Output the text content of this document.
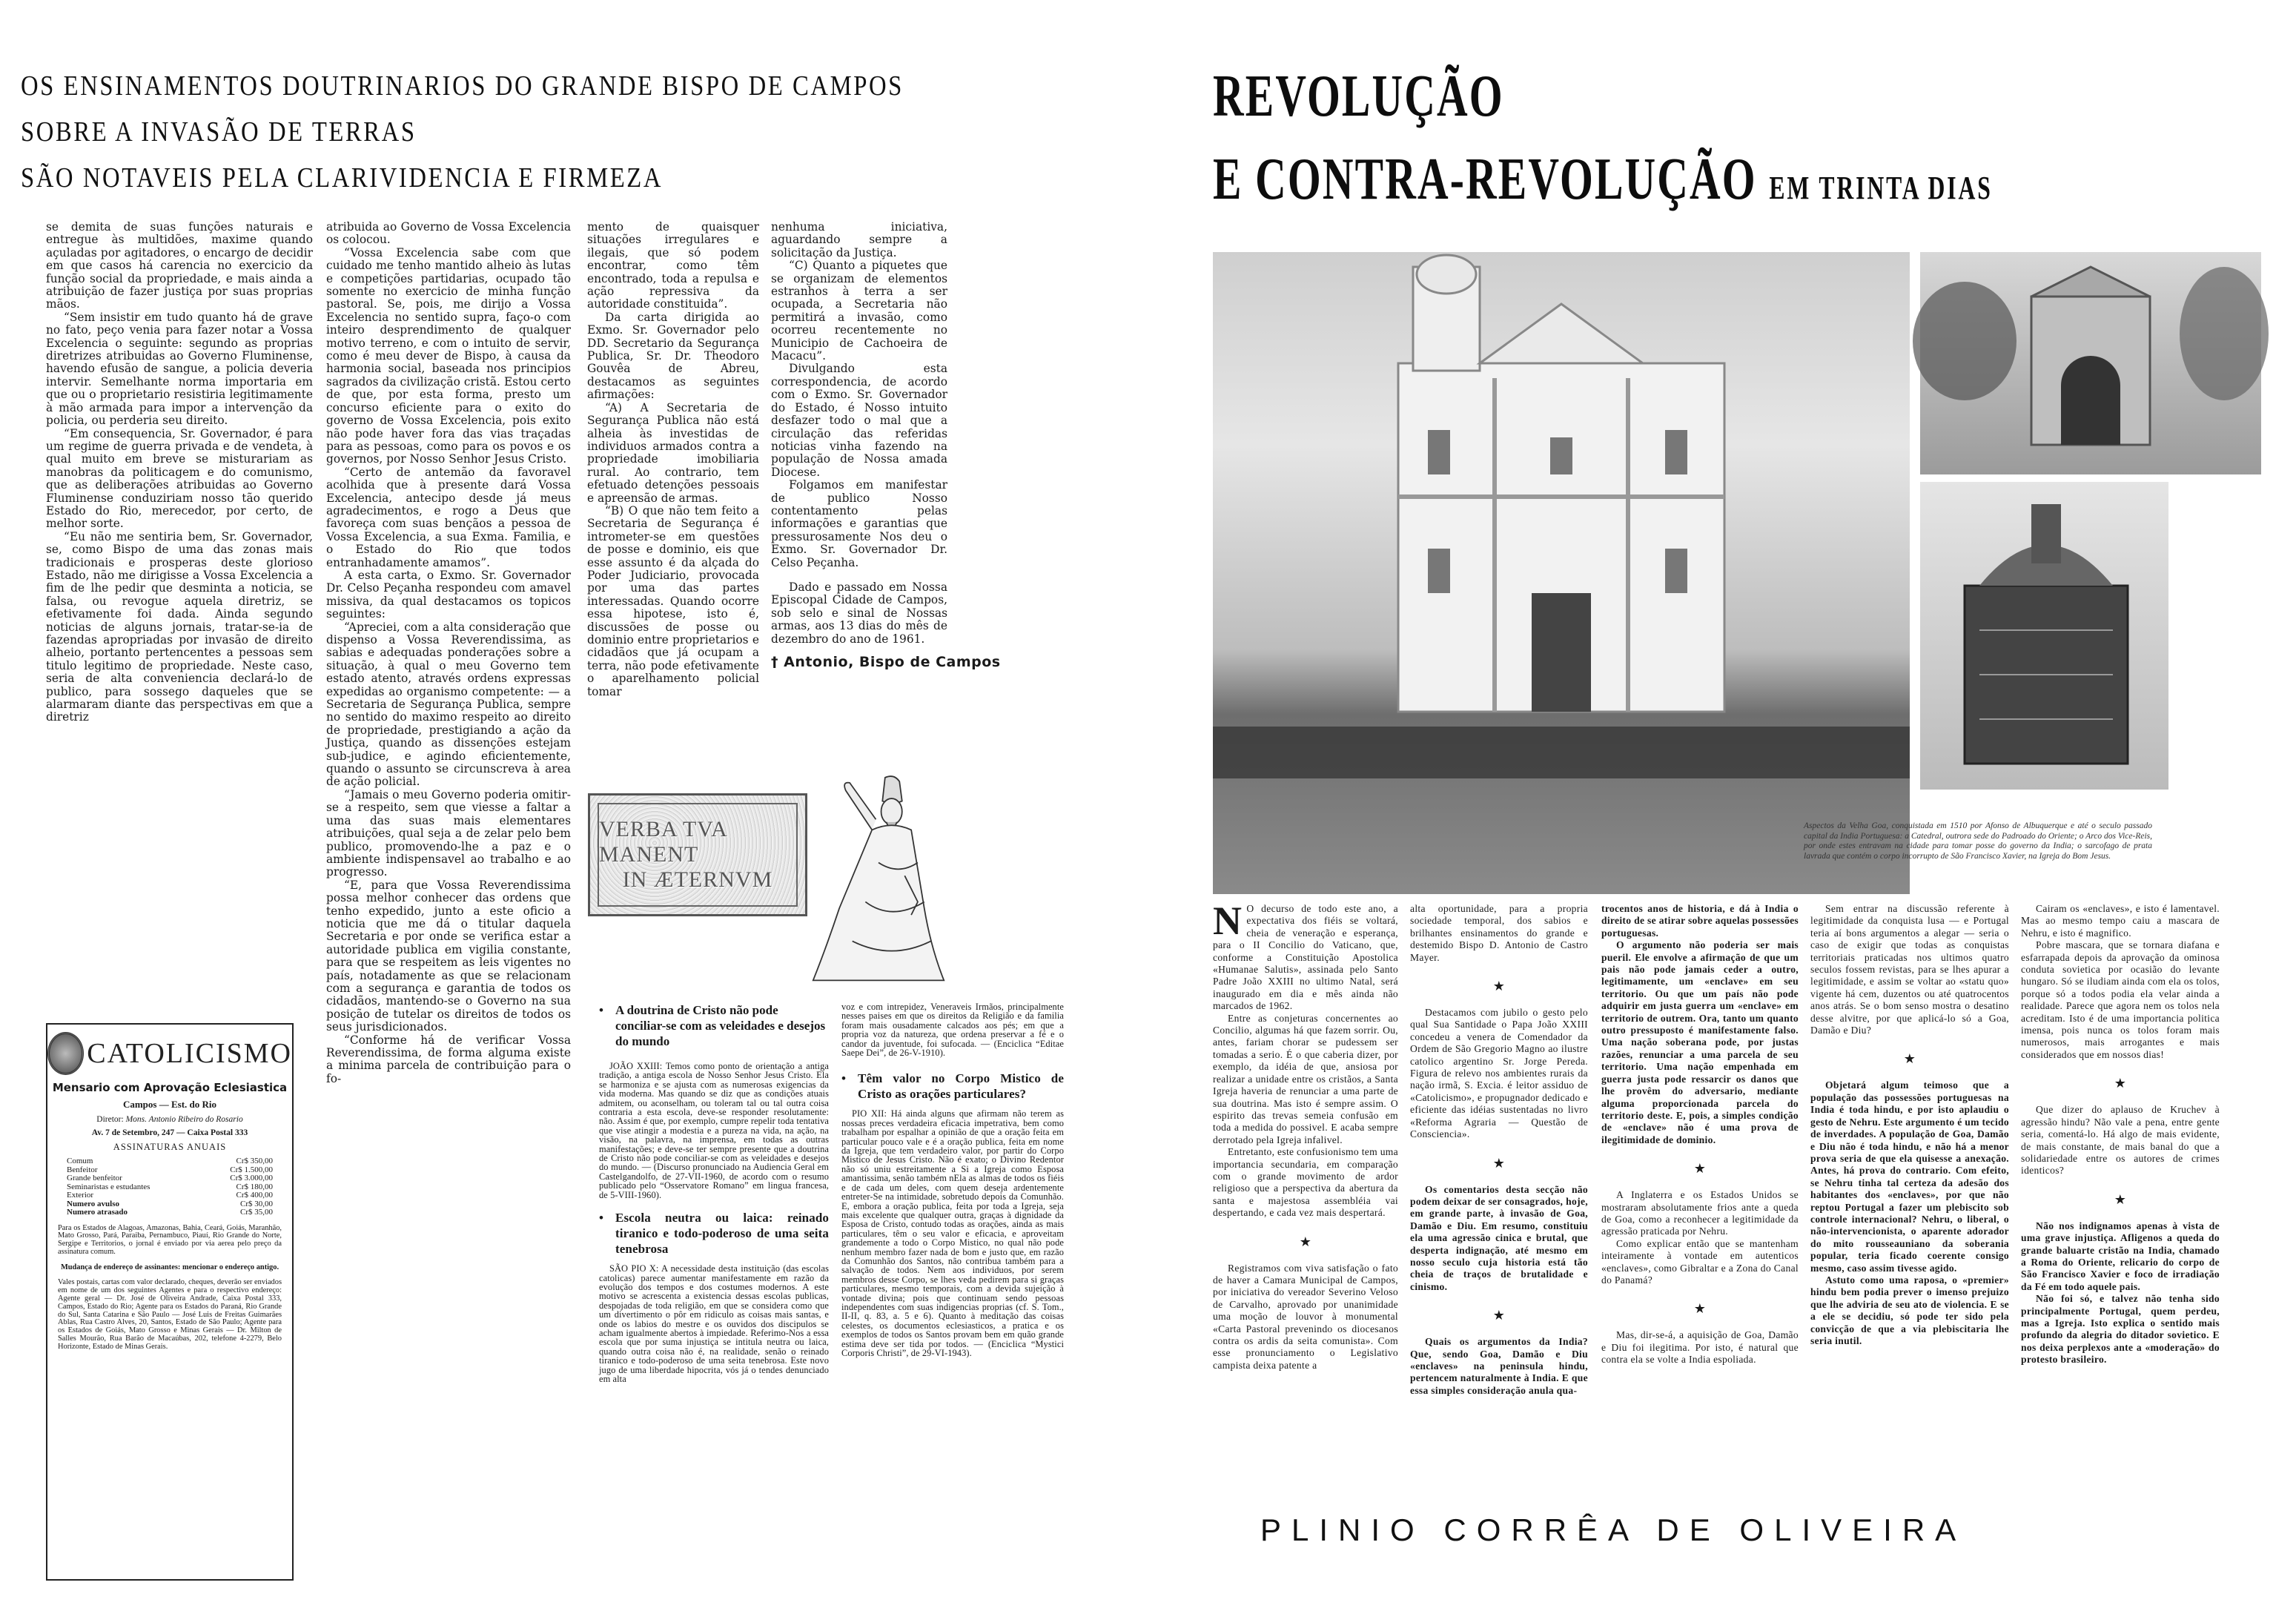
OS ENSINAMENTOS DOUTRINARIOS DO GRANDE BISPO DE CAMPOS
SOBRE A INVASÃO DE TERRAS
SÃO NOTAVEIS PELA CLARIVIDENCIA E FIRMEZA

se demita de suas funções naturais e entregue às multidões, maxime quando açuladas por agitadores, o encargo de decidir em que casos há carencia no exercicio da função social da propriedade, e mais ainda a atribuição de fazer justiça por suas proprias mãos.

“Sem insistir em tudo quanto há de grave no fato, peço venia para fazer notar a Vossa Excelencia o seguinte: segundo as proprias diretrizes atribuidas ao Governo Fluminense, havendo efusão de sangue, a policia deveria intervir. Semelhante norma importaria em que ou o proprietario resistiria legitimamente à mão armada para impor a intervenção da policia, ou perderia seu direito.

“Em consequencia, Sr. Governador, é para um regime de guerra privada e de vendeta, à qual muito em breve se misturariam as manobras da politicagem e do comunismo, que as deliberações atribuidas ao Governo Fluminense conduziriam nosso tão querido Estado do Rio, merecedor, por certo, de melhor sorte.

“Eu não me sentiria bem, Sr. Governador, se, como Bispo de uma das zonas mais tradicionais e prosperas deste glorioso Estado, não me dirigisse a Vossa Excelencia a fim de lhe pedir que desminta a noticia, se falsa, ou revogue aquela diretriz, se efetivamente foi dada. Ainda segundo noticias de alguns jornais, tratar-se-ia de fazendas apropriadas por invasão de direito alheio, portanto pertencentes a pessoas sem titulo legitimo de propriedade. Neste caso, seria de alta conveniencia declará-lo de publico, para sossego daqueles que se alarmaram diante das perspectivas em que a diretriz

CATOLICISMO
Mensario com Aprovação Eclesiastica
Campos — Est. do Rio
Diretor: Mons. Antonio Ribeiro do Rosario
Av. 7 de Setembro, 247 — Caixa Postal 333
ASSINATURAS ANUAIS
Comum	Cr$ 350,00
Benfeitor	Cr$ 1.500,00
Grande benfeitor	Cr$ 3.000,00
Seminaristas e estudantes	Cr$ 180,00
Exterior	Cr$ 400,00
Numero avulso	Cr$ 30,00
Numero atrasado	Cr$ 35,00
Para os Estados de Alagoas, Amazonas, Bahia, Ceará, Goiás, Maranhão, Mato Grosso, Pará, Paraiba, Pernambuco, Piauí, Rio Grande do Norte, Sergipe e Territorios, o jornal é enviado por via aerea pelo preço da assinatura comum.
Mudança de endereço de assinantes: mencionar o endereço antigo.
Vales postais, cartas com valor declarado, cheques, deverão ser enviados em nome de um dos seguintes Agentes e para o respectivo endereço: Agente geral — Dr. José de Oliveira Andrade, Caixa Postal 333, Campos, Estado do Rio; Agente para os Estados do Paraná, Rio Grande do Sul, Santa Catarina e São Paulo — José Luis de Freitas Guimarães Ablas, Rua Castro Alves, 20, Santos, Estado de São Paulo; Agente para os Estados de Goiás, Mato Grosso e Minas Gerais — Dr. Milton de Salles Mourão, Rua Barão de Macaúbas, 202, telefone 4-2279, Belo Horizonte, Estado de Minas Gerais.

atribuida ao Governo de Vossa Excelencia os colocou.

“Vossa Excelencia sabe com que cuidado me tenho mantido alheio às lutas e competições partidarias, ocupado tão somente no exercicio de minha função pastoral. Se, pois, me dirijo a Vossa Excelencia no sentido supra, faço-o com inteiro desprendimento de qualquer motivo terreno, e com o intuito de servir, como é meu dever de Bispo, à causa da harmonia social, baseada nos principios sagrados da civilização cristã. Estou certo de que, por esta forma, presto um concurso eficiente para o exito do governo de Vossa Excelencia, pois exito não pode haver fora das vias traçadas para as pessoas, como para os povos e os governos, por Nosso Senhor Jesus Cristo.

“Certo de antemão da favoravel acolhida que à presente dará Vossa Excelencia, antecipo desde já meus agradecimentos, e rogo a Deus que favoreça com suas bençãos a pessoa de Vossa Excelencia, a sua Exma. Familia, e o Estado do Rio que todos entranhadamente amamos”.

A esta carta, o Exmo. Sr. Governador Dr. Celso Peçanha respondeu com amavel missiva, da qual destacamos os topicos seguintes:

“Apreciei, com a alta consideração que dispenso a Vossa Reverendissima, as sabias e adequadas ponderações sobre a situação, à qual o meu Governo tem estado atento, através ordens expressas expedidas ao organismo competente: — a Secretaria de Segurança Publica, sempre no sentido do maximo respeito ao direito de propriedade, prestigiando a ação da Justiça, quando as dissenções estejam sub-judice, e agindo eficientemente, quando o assunto se circunscreva à area de ação policial.

“Jamais o meu Governo poderia omitir-se a respeito, sem que viesse a faltar a uma das suas mais elementares atribuições, qual seja a de zelar pelo bem publico, promovendo-lhe a paz e o ambiente indispensavel ao trabalho e ao progresso.

“E, para que Vossa Reverendissima possa melhor conhecer das ordens que tenho expedido, junto a este oficio a noticia que me dá o titular daquela Secretaria e por onde se verifica estar a autoridade publica em vigilia constante, para que se respeitem as leis vigentes no país, notadamente as que se relacionam com a segurança e garantia de todos os cidadãos, mantendo-se o Governo na sua posição de tutelar os direitos de todos os seus jurisdicionados.

“Conforme há de verificar Vossa Reverendissima, de forma alguma existe a minima parcela de contribuição para o fo-

mento de quaisquer situações irregulares e ilegais, que só podem encontrar, como têm encontrado, toda a repulsa e ação repressiva da autoridade constituida”.

Da carta dirigida ao Exmo. Sr. Governador pelo DD. Secretario da Segurança Publica, Sr. Dr. Theodoro Gouvêa de Abreu, destacamos as seguintes afirmações:

“A) A Secretaria de Segurança Publica não está alheia às investidas de individuos armados contra a propriedade imobiliaria rural. Ao contrario, tem efetuado detenções pessoais e apreensão de armas.

“B) O que não tem feito a Secretaria de Segurança é intrometer-se em questões de posse e dominio, eis que esse assunto é da alçada do Poder Judiciario, provocada por uma das partes interessadas. Quando ocorre essa hipotese, isto é, discussões de posse ou dominio entre proprietarios e cidadãos que já ocupam a terra, não pode efetivamente o aparelhamento policial tomar

nenhuma iniciativa, aguardando sempre a solicitação da Justiça.

“C) Quanto a piquetes que se organizam de elementos estranhos à terra a ser ocupada, a Secretaria não permitirá a invasão, como ocorreu recentemente no Municipio de Cachoeira de Macacu”.

Divulgando esta correspondencia, de acordo com o Exmo. Sr. Governador do Estado, é Nosso intuito desfazer todo o mal que a circulação das referidas noticias vinha fazendo na população de Nossa amada Diocese.

Folgamos em manifestar de publico Nosso contentamento pelas informações e garantias que pressurosamente Nos deu o Exmo. Sr. Governador Dr. Celso Peçanha.

Dado e passado em Nossa Episcopal Cidade de Campos, sob selo e sinal de Nossas armas, aos 13 dias do mês de dezembro do ano de 1961.

† Antonio, Bispo de Campos
VERBA TVA MANENT
IN ÆTERNVM
• A doutrina de Cristo não pode conciliar-se com as veleidades e desejos do mundo

JOÃO XXIII: Temos como ponto de orientação a antiga tradição, a antiga escola de Nosso Senhor Jesus Cristo. Ela se harmoniza e se ajusta com as numerosas exigencias da vida moderna. Mas quando se diz que as condições atuais admitem, ou aconselham, ou toleram tal ou tal outra coisa contraria a esta escola, deve-se responder resolutamente: não. Assim é que, por exemplo, cumpre repelir toda tentativa que vise atingir a modestia e a pureza na vida, na ação, na visão, na palavra, na imprensa, em todas as outras manifestações; e deve-se ter sempre presente que a doutrina de Cristo não pode conciliar-se com as veleidades e desejos do mundo. — (Discurso pronunciado na Audiencia Geral em Castelgandolfo, de 27-VII-1960, de acordo com o resumo publicado pelo “Osservatore Romano” em lingua francesa, de 5-VIII-1960).

• Escola neutra ou laica: reinado tiranico e todo-poderoso de uma seita tenebrosa

SÃO PIO X: A necessidade desta instituição (das escolas catolicas) parece aumentar manifestamente em razão da evolução dos tempos e dos costumes modernos. A este motivo se acrescenta a existencia dessas escolas publicas, despojadas de toda religião, em que se considera como que um divertimento o pôr em ridiculo as coisas mais santas, e onde os labios do mestre e os ouvidos dos discipulos se acham igualmente abertos à impiedade. Referimo-Nos a essa escola que por suma injustiça se intitula neutra ou laica, quando outra coisa não é, na realidade, senão o reinado tiranico e todo-poderoso de uma seita tenebrosa. Este novo jugo de uma liberdade hipocrita, vós já o tendes denunciado em alta

voz e com intrepidez, Veneraveis Irmãos, principalmente nesses paises em que os direitos da Religião e da familia foram mais ousadamente calcados aos pés; em que a propria voz da natureza, que ordena preservar a fé e o candor da juventude, foi sufocada. — (Enciclica “Editae Saepe Dei”, de 26-V-1910).

• Têm valor no Corpo Mistico de Cristo as orações particulares?

PIO XII: Há ainda alguns que afirmam não terem as nossas preces verdadeira eficacia impetrativa, bem como trabalham por espalhar a opinião de que a oração feita em particular pouco vale e é a oração publica, feita em nome da Igreja, que tem verdadeiro valor, por partir do Corpo Mistico de Jesus Cristo. Não é exato; o Divino Redentor não só uniu estreitamente a Si a Igreja como Esposa amantissima, senão também nEla as almas de todos os fiéis e de cada um deles, com quem deseja ardentemente entreter-Se na intimidade, sobretudo depois da Comunhão. E, embora a oração publica, feita por toda a Igreja, seja mais excelente que qualquer outra, graças à dignidade da Esposa de Cristo, contudo todas as orações, ainda as mais particulares, têm o seu valor e eficacia, e aproveitam grandemente a todo o Corpo Mistico, no qual não pode nenhum membro fazer nada de bom e justo que, em razão da Comunhão dos Santos, não contribua também para a salvação de todos. Nem aos individuos, por serem membros desse Corpo, se lhes veda pedirem para si graças particulares, mesmo temporais, com a devida sujeição à vontade divina; pois que continuam sendo pessoas independentes com suas indigencias proprias (cf. S. Tom., II-II, q. 83, a. 5 e 6). Quanto à meditação das coisas celestes, os documentos eclesiasticos, a pratica e os exemplos de todos os Santos provam bem em quão grande estima deve ser tida por todos. — (Enciclica “Mystici Corporis Christi”, de 29-VI-1943).

REVOLUÇÃO
E CONTRA-REVOLUÇÃO EM TRINTA DIAS
Aspectos da Velha Goa, conquistada em 1510 por Afonso de Albuquerque e até o seculo passado capital da India Portuguesa: a Catedral, outrora sede do Padroado do Oriente; o Arco dos Vice-Reis, por onde estes entravam na cidade para tomar posse do governo da India; o sarcofago de prata lavrada que contém o corpo incorrupto de São Francisco Xavier, na Igreja do Bom Jesus.

N O decurso de todo este ano, a expectativa dos fiéis se voltará, cheia de veneração e esperança, para o II Concilio do Vaticano, que, conforme a Constituição Apostolica «Humanae Salutis», assinada pelo Santo Padre João XXIII no ultimo Natal, será inaugurado em dia e mês ainda não marcados de 1962.

Entre as conjeturas concernentes ao Concilio, algumas há que fazem sorrir. Ou, antes, fariam chorar se pudessem ser tomadas a serio. É o que caberia dizer, por exemplo, da idéia de que, ansiosa por realizar a unidade entre os cristãos, a Santa Igreja haveria de renunciar a uma parte de sua doutrina. Mas isto é sempre assim. O espirito das trevas semeia confusão em toda a medida do possivel. E acaba sempre derrotado pela Igreja infalivel.

Entretanto, este confusionismo tem uma importancia secundaria, em comparação com o grande movimento de ardor religioso que a perspectiva da abertura da santa e majestosa assembléia vai despertando, e cada vez mais despertará.

★

Registramos com viva satisfação o fato de haver a Camara Municipal de Campos, por iniciativa do vereador Severino Veloso de Carvalho, aprovado por unanimidade uma moção de louvor à monumental «Carta Pastoral prevenindo os diocesanos contra os ardis da seita comunista». Com esse pronunciamento o Legislativo campista deixa patente a

alta oportunidade, para a propria sociedade temporal, dos sabios e brilhantes ensinamentos do grande e destemido Bispo D. Antonio de Castro Mayer.

★

Destacamos com jubilo o gesto pelo qual Sua Santidade o Papa João XXIII concedeu a venera de Comendador da Ordem de São Gregorio Magno ao ilustre catolico argentino Sr. Jorge Pereda. Figura de relevo nos ambientes rurais da nação irmã, S. Excia. é leitor assiduo de «Catolicismo», e propugnador dedicado e eficiente das idéias sustentadas no livro «Reforma Agraria — Questão de Consciencia».

★

Os comentarios desta secção não podem deixar de ser consagrados, hoje, em grande parte, à invasão de Goa, Damão e Diu. Em resumo, constituiu ela uma agressão cinica e brutal, que desperta indignação, até mesmo em nosso seculo cuja historia está tão cheia de traços de brutalidade e cinismo.

★

Quais os argumentos da India? Que, sendo Goa, Damão e Diu «enclaves» na peninsula hindu, pertencem naturalmente à India. E que essa simples consideração anula qua-

trocentos anos de historia, e dá à India o direito de se atirar sobre aquelas possessões portuguesas.

O argumento não poderia ser mais pueril. Ele envolve a afirmação de que um pais não pode jamais ceder a outro, legitimamente, um «enclave» em seu territorio. Ou que um país não pode adquirir em justa guerra um «enclave» em territorio de outrem. Ora, tanto um quanto outro pressuposto é manifestamente falso. Uma nação soberana pode, por justas razões, renunciar a uma parcela de seu territorio. Uma nação empenhada em guerra justa pode ressarcir os danos que lhe provêm do adversario, mediante alguma proporcionada parcela do territorio deste. E, pois, a simples condição de «enclave» não é uma prova de ilegitimidade de dominio.

★

A Inglaterra e os Estados Unidos se mostraram absolutamente frios ante a queda de Goa, como a reconhecer a legitimidade da agressão praticada por Nehru.

Como explicar então que se mantenham inteiramente à vontade em autenticos «enclaves», como Gibraltar e a Zona do Canal do Panamá?

★

Mas, dir-se-á, a aquisição de Goa, Damão e Diu foi ilegitima. Por isto, é natural que contra ela se volte a India espoliada.

Sem entrar na discussão referente à legitimidade da conquista lusa — e Portugal teria aí bons argumentos a alegar — seria o caso de exigir que todas as conquistas territoriais praticadas nos ultimos quatro seculos fossem revistas, para se lhes apurar a legitimidade, e assim se voltar ao «statu quo» vigente há cem, duzentos ou até quatrocentos anos atrás. Se o bom senso mostra o desatino desse alvitre, por que aplicá-lo só a Goa, Damão e Diu?

★

Objetará algum teimoso que a população das possessões portuguesas na India é toda hindu, e por isto aplaudiu o gesto de Nehru. Este argumento é um tecido de inverdades. A população de Goa, Damão e Diu não é toda hindu, e não há a menor prova seria de que ela quisesse a anexação. Antes, há prova do contrario. Com efeito, se Nehru tinha tal certeza da adesão dos habitantes dos «enclaves», por que não reptou Portugal a fazer um plebiscito sob controle internacional? Nehru, o liberal, o não-intervencionista, o aparente adorador do mito rousseauniano da soberania popular, teria ficado coerente consigo mesmo, caso assim tivesse agido.

Astuto como uma raposa, o «premier» hindu bem podia prever o imenso prejuizo que lhe adviria de seu ato de violencia. E se a ele se decidiu, só pode ter sido pela convicção de que a via plebiscitaria lhe seria inutil.

Cairam os «enclaves», e isto é lamentavel. Mas ao mesmo tempo caiu a mascara de Nehru, e isto é magnifico.

Pobre mascara, que se tornara diafana e esfarrapada depois da aprovação da ominosa conduta sovietica por ocasião do levante hungaro. Só se iludiam ainda com ela os tolos, porque só a todos podia ela velar ainda a realidade. Parece que agora nem os tolos nela acreditam. Isto é de uma importancia politica imensa, pois nunca os tolos foram mais numerosos, mais arrogantes e mais considerados que em nossos dias!

★

Que dizer do aplauso de Kruchev à agressão hindu? Não vale a pena, entre gente seria, comentá-lo. Há algo de mais evidente, de mais constante, de mais banal do que a solidariedade entre os autores de crimes identicos?

★

Não nos indignamos apenas à vista de uma grave injustiça. Afligenos a queda do grande baluarte cristão na India, chamado a Roma do Oriente, relicario do corpo de São Francisco Xavier e foco de irradiação da Fé em todo aquele pais.

Não foi só, e talvez não tenha sido principalmente Portugal, quem perdeu, mas a Igreja. Isto explica o sentido mais profundo da alegria do ditador sovietico. E nos deixa perplexos ante a «moderação» do protesto brasileiro.

PLINIO CORRÊA DE OLIVEIRA
